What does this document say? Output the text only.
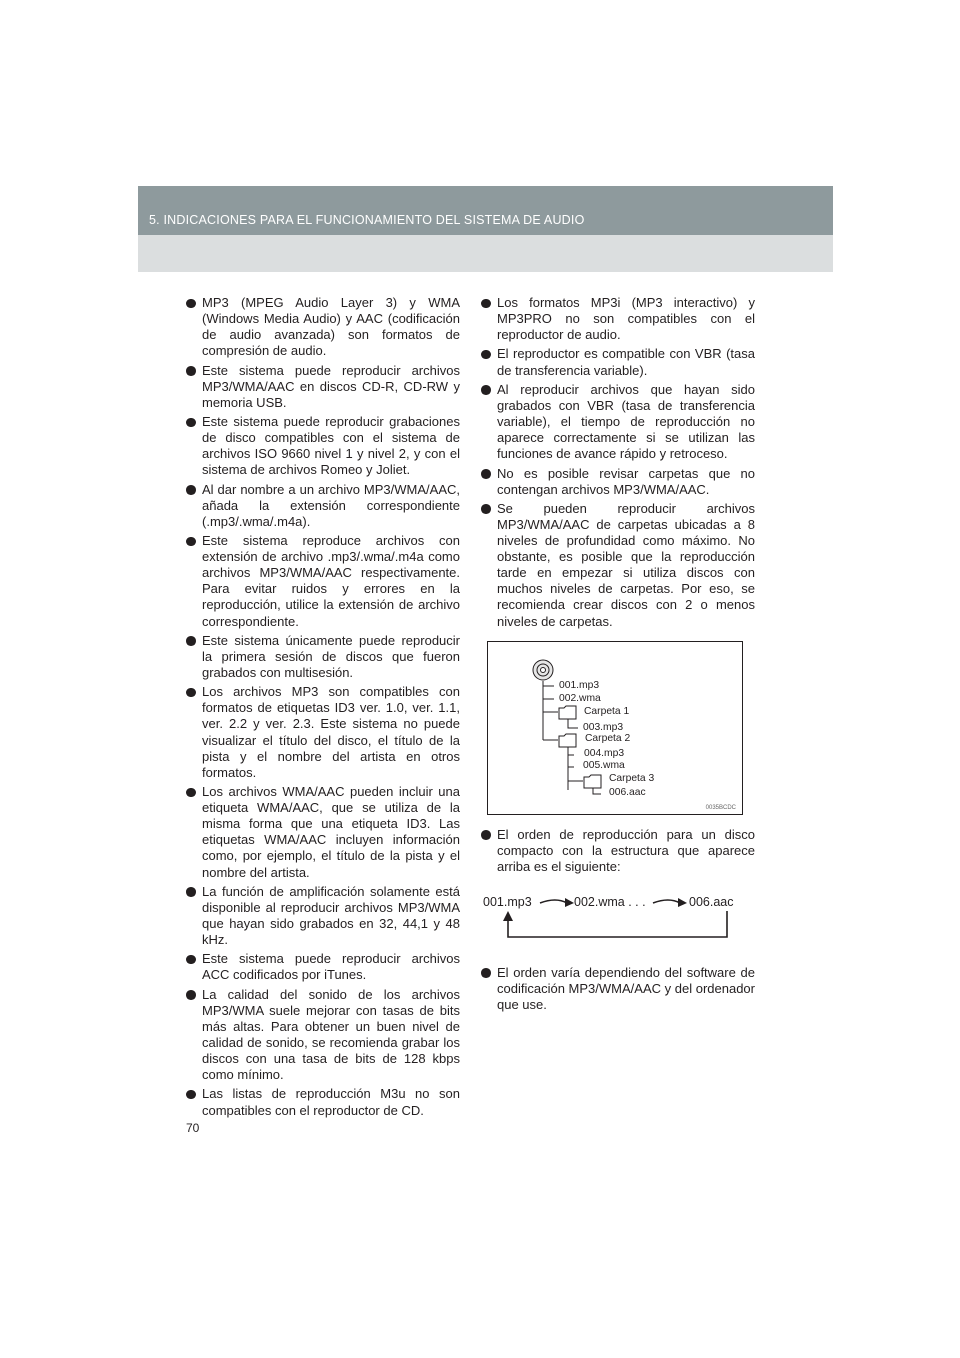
5. INDICACIONES PARA EL FUNCIONAMIENTO DEL SISTEMA DE AUDIO
MP3 (MPEG Audio Layer 3) y WMA (Windows Media Audio) y AAC (codificación de audio avanzada) son formatos de compresión de audio.
Este sistema puede reproducir archivos MP3/WMA/AAC en discos CD-R, CD-RW y memoria USB.
Este sistema puede reproducir grabaciones de disco compatibles con el sistema de archivos ISO 9660 nivel 1 y nivel 2, y con el sistema de archivos Romeo y Joliet.
Al dar nombre a un archivo MP3/WMA/AAC, añada la extensión correspondiente (.mp3/.wma/.m4a).
Este sistema reproduce archivos con extensión de archivo .mp3/.wma/.m4a como archivos MP3/WMA/AAC respectivamente. Para evitar ruidos y errores en la reproducción, utilice la extensión de archivo correspondiente.
Este sistema únicamente puede reproducir la primera sesión de discos que fueron grabados con multisesión.
Los archivos MP3 son compatibles con formatos de etiquetas ID3 ver. 1.0, ver. 1.1, ver. 2.2 y ver. 2.3. Este sistema no puede visualizar el título del disco, el título de la pista y el nombre del artista en otros formatos.
Los archivos WMA/AAC pueden incluir una etiqueta WMA/AAC, que se utiliza de la misma forma que una etiqueta ID3. Las etiquetas WMA/AAC incluyen información como, por ejemplo, el título de la pista y el nombre del artista.
La función de amplificación solamente está disponible al reproducir archivos MP3/WMA que hayan sido grabados en 32, 44,1 y 48 kHz.
Este sistema puede reproducir archivos ACC codificados por iTunes.
La calidad del sonido de los archivos MP3/WMA suele mejorar con tasas de bits más altas. Para obtener un buen nivel de calidad de sonido, se recomienda grabar los discos con una tasa de bits de 128 kbps como mínimo.
Las listas de reproducción M3u no son compatibles con el reproductor de CD.
Los formatos MP3i (MP3 interactivo) y MP3PRO no son compatibles con el reproductor de audio.
El reproductor es compatible con VBR (tasa de transferencia variable).
Al reproducir archivos que hayan sido grabados con VBR (tasa de transferencia variable), el tiempo de reproducción no aparece correctamente si se utilizan las funciones de avance rápido y retroceso.
No es posible revisar carpetas que no contengan archivos MP3/WMA/AAC.
Se pueden reproducir archivos MP3/WMA/AAC de carpetas ubicadas a 8 niveles de profundidad como máximo. No obstante, es posible que la reproducción tarde en empezar si utiliza discos con muchos niveles de carpetas. Por eso, se recomienda crear discos con 2 o menos niveles de carpetas.
001.mp3
002.wma
Carpeta 1
003.mp3
Carpeta 2
004.mp3
005.wma
Carpeta 3
006.aac
0035BCDC
El orden de reproducción para un disco compacto con la estructura que aparece arriba es el siguiente:
001.mp3	002.wma . . .	006.aac
El orden varía dependiendo del software de codificación MP3/WMA/AAC y del ordenador que use.
70
